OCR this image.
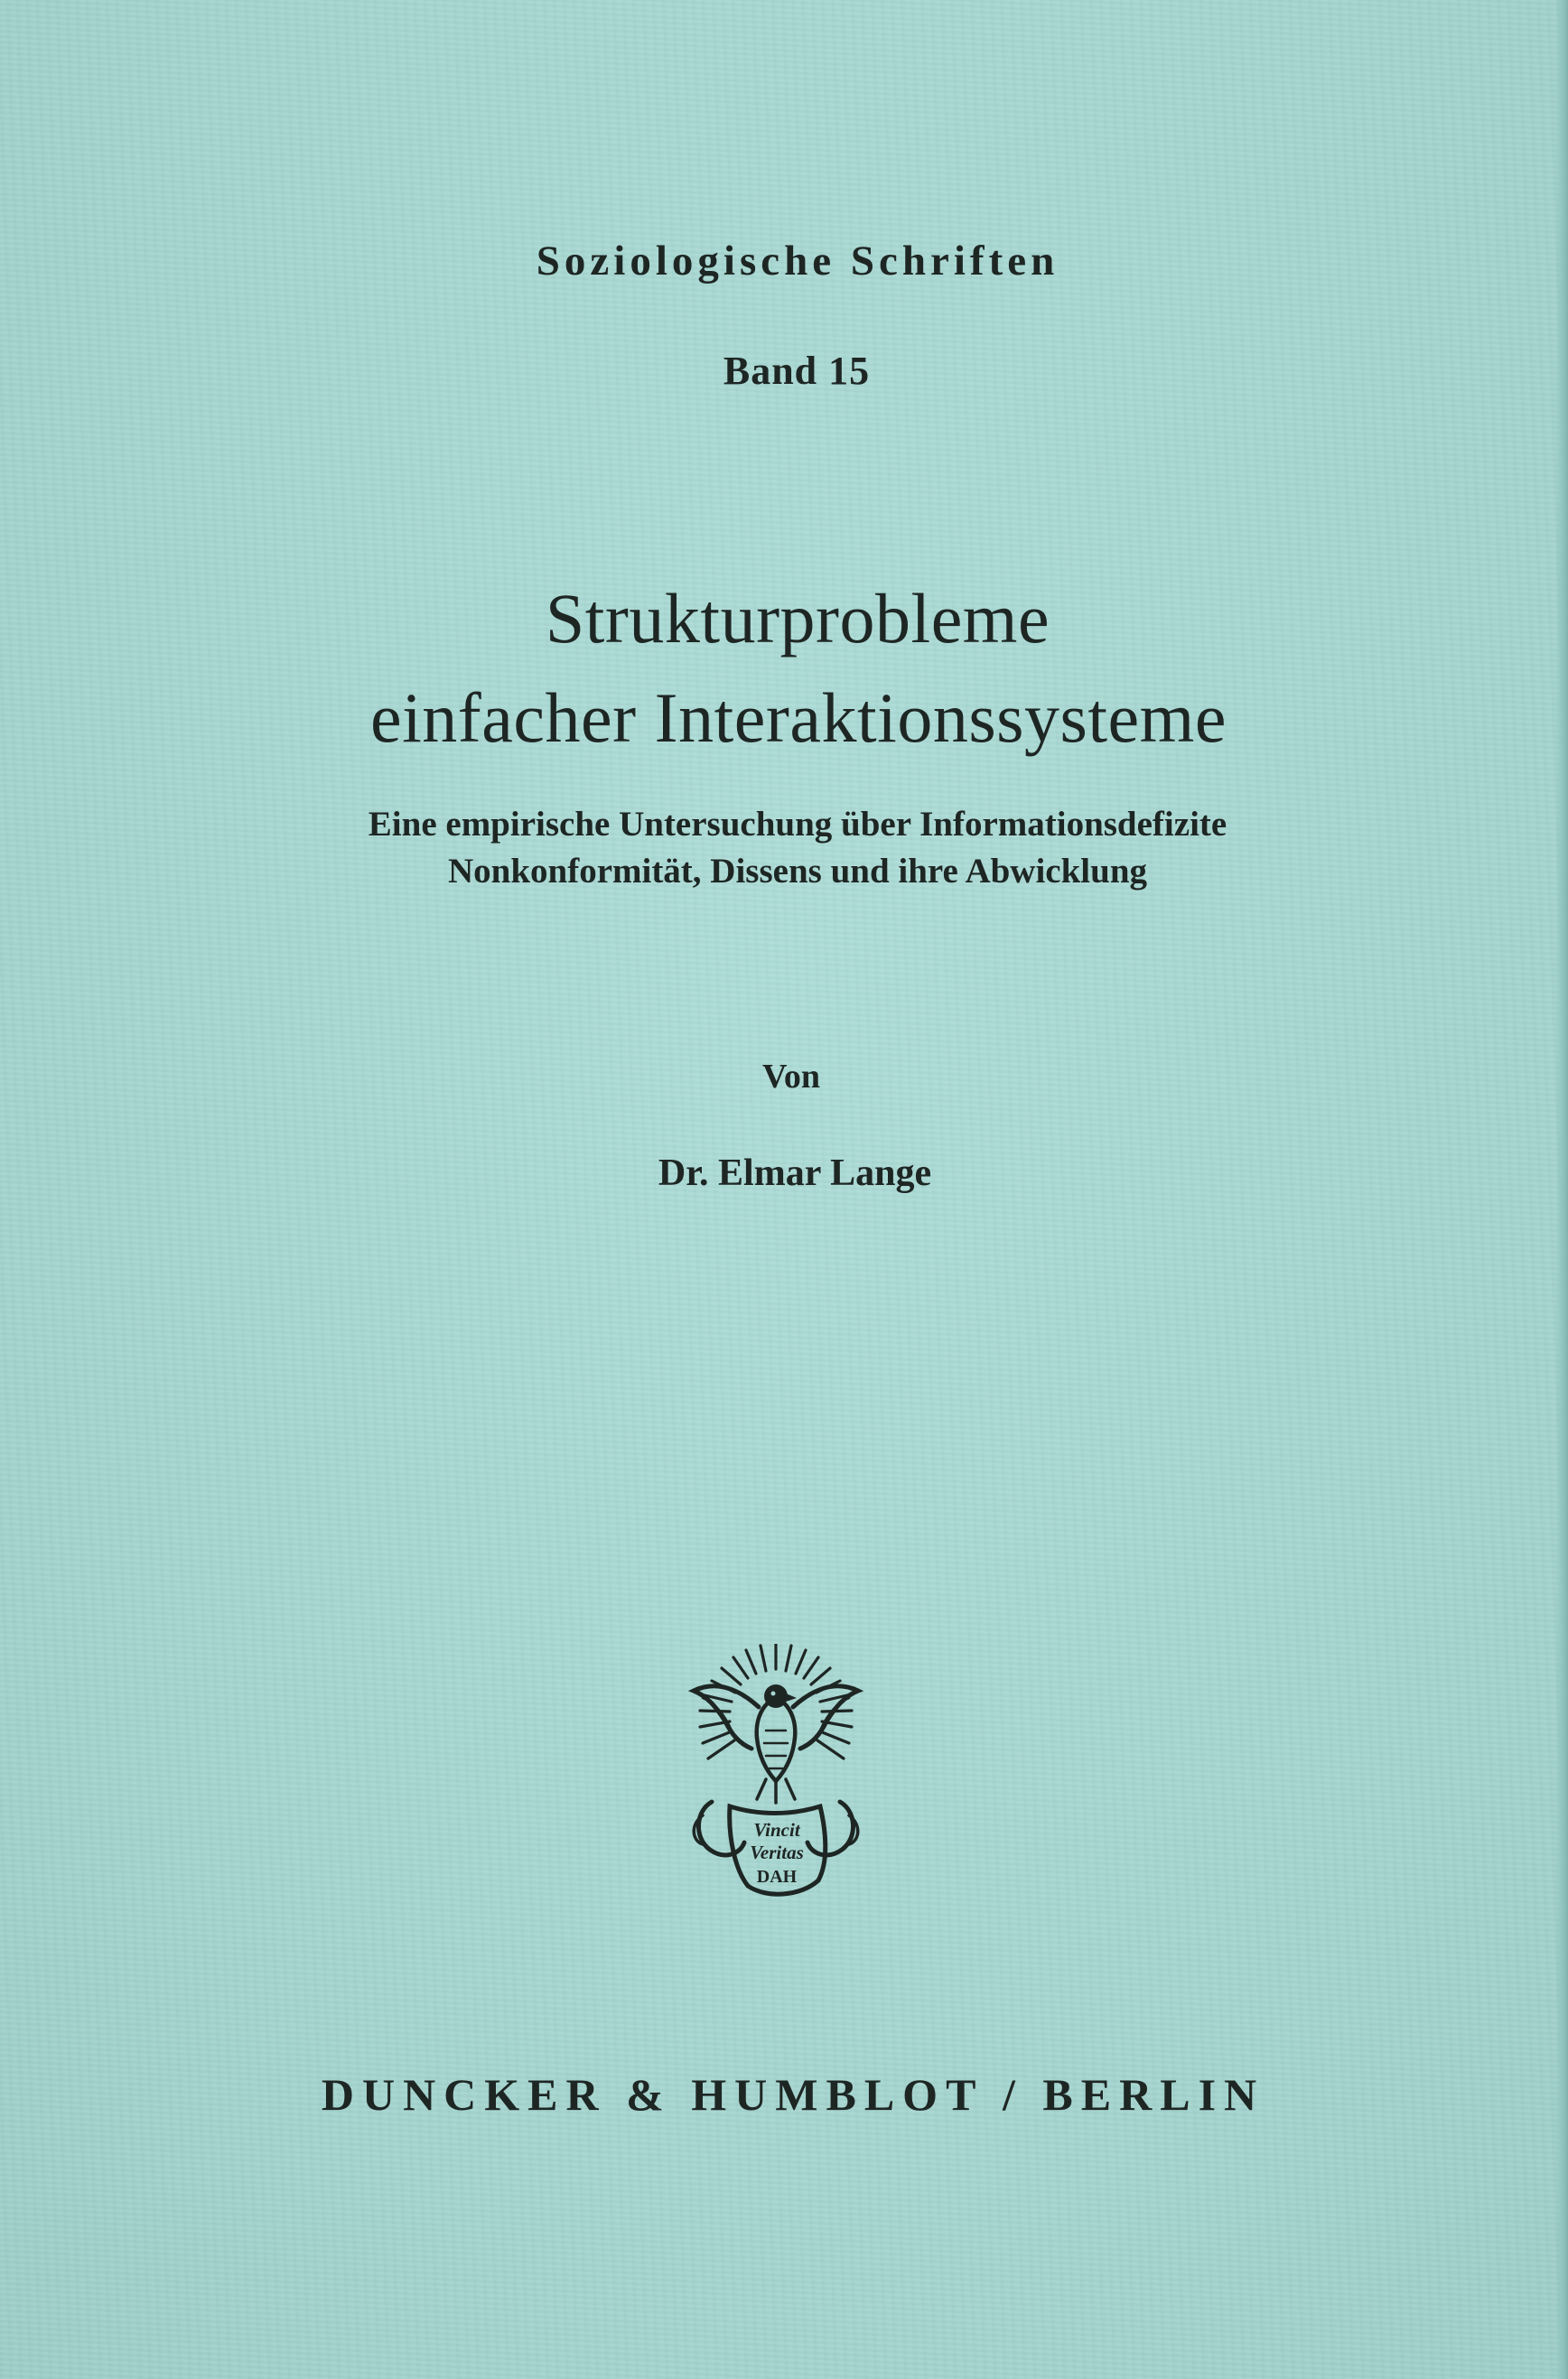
Soziologische Schriften

Band 15

Strukturprobleme
einfacher Interaktionssysteme

Eine empirische Untersuchung über Informationsdefizite

Nonkonformität, Dissens und ihre Abwicklung

Von

Dr. Elmar Lange

Vincit
Veritas
DAH

DUNCKER & HUMBLOT / BERLIN
